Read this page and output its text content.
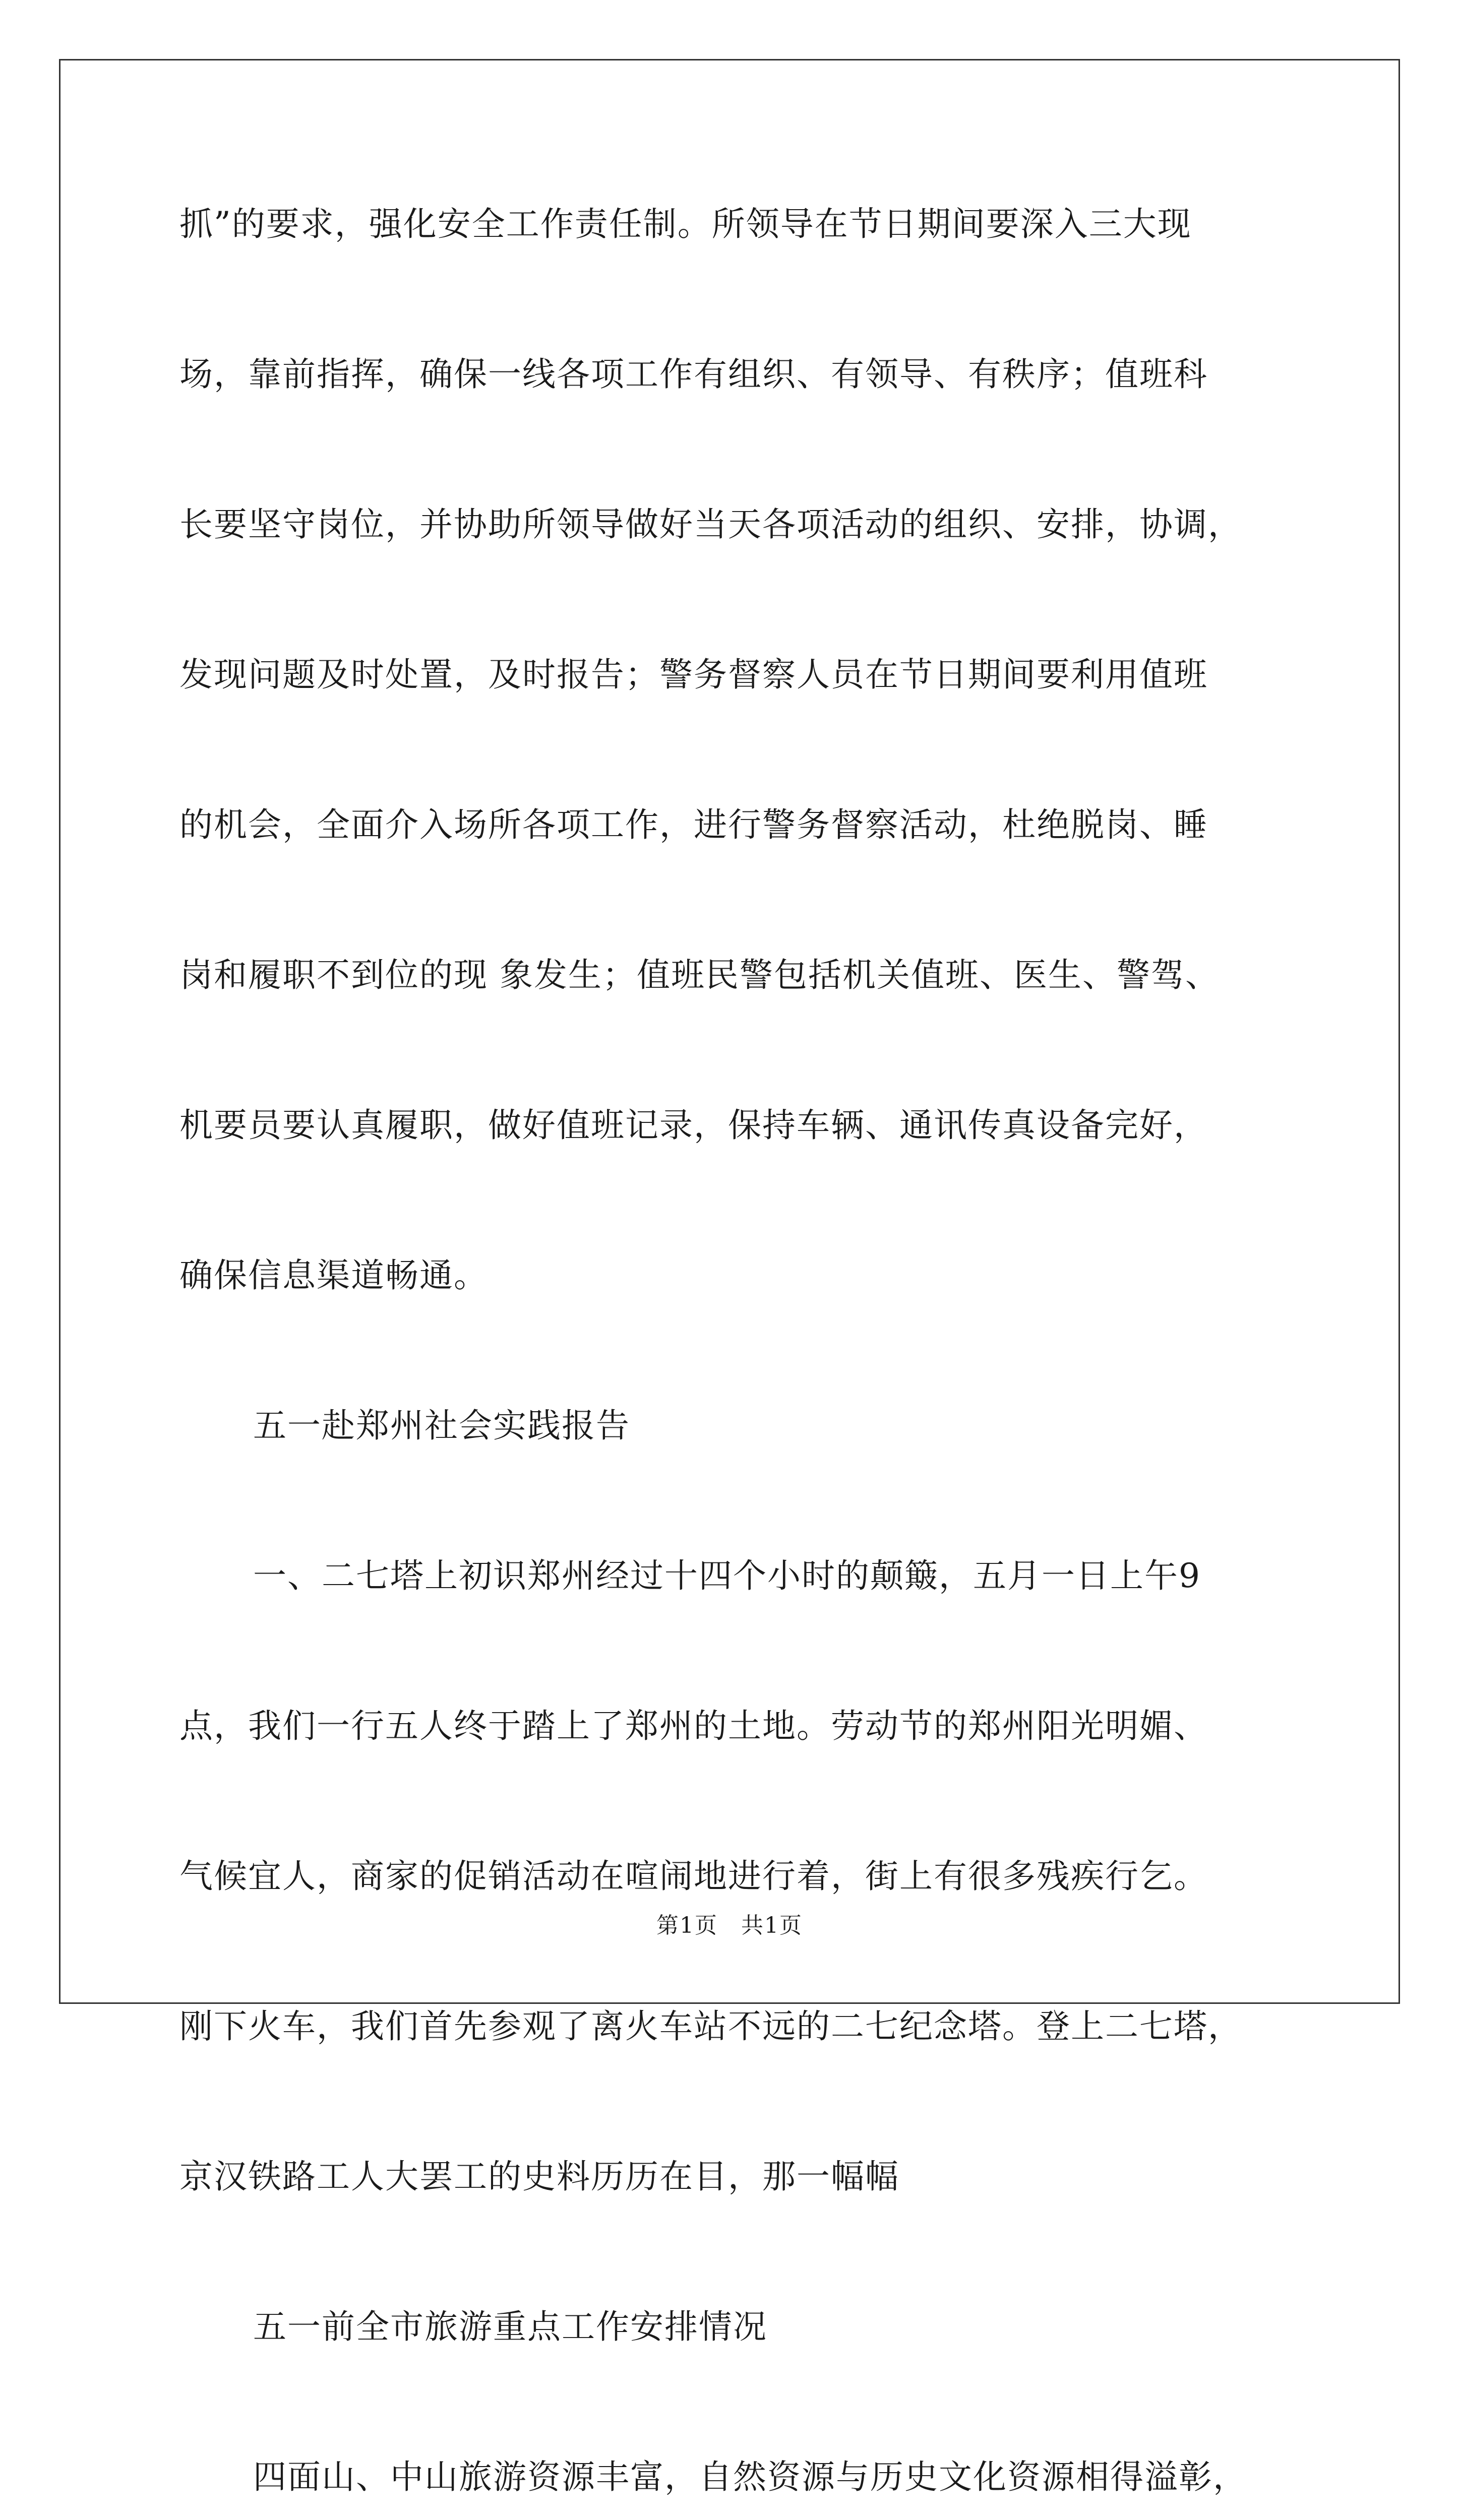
抓”的要求，强化安全工作责任制。所领导在节日期间要深入三大现
场，靠前指挥，确保一线各项工作有组织、有领导、有秩序；值班科
长要坚守岗位，并协助所领导做好当天各项活动的组织、安排，协调，
发现问题及时处置，及时报告；警务督察人员在节日期间要利用值班
的机会，全面介入场所各项工作，进行警务督察活动，杜绝脱岗、睡
岗和履职不到位的现 象发生；值班民警包括机关值班、医生、警驾、
机要员要认真履职，做好值班记录，保持车辆、通讯传真设备完好，
确保信息渠道畅通。
五一赴郑州社会实践报告
一、二七塔上初识郑州经过十四个小时的颠簸，五月一日上午9
点，我们一行五人终于踏上了郑州的土地。劳动节的郑州阳光明媚、
气候宜人，商家的促销活动在喧闹地进行着，街上有很多残疾行乞。
刚下火车，我们首先参观了离火车站不远的二七纪念塔。登上二七塔，
京汉铁路工人大罢工的史料历历在目，那一幅幅
五一前全市旅游重点工作安排情况
四面山、中山旅游资源丰富，自然资源与历史文化资源相得溢彰，
第1页　共1页
